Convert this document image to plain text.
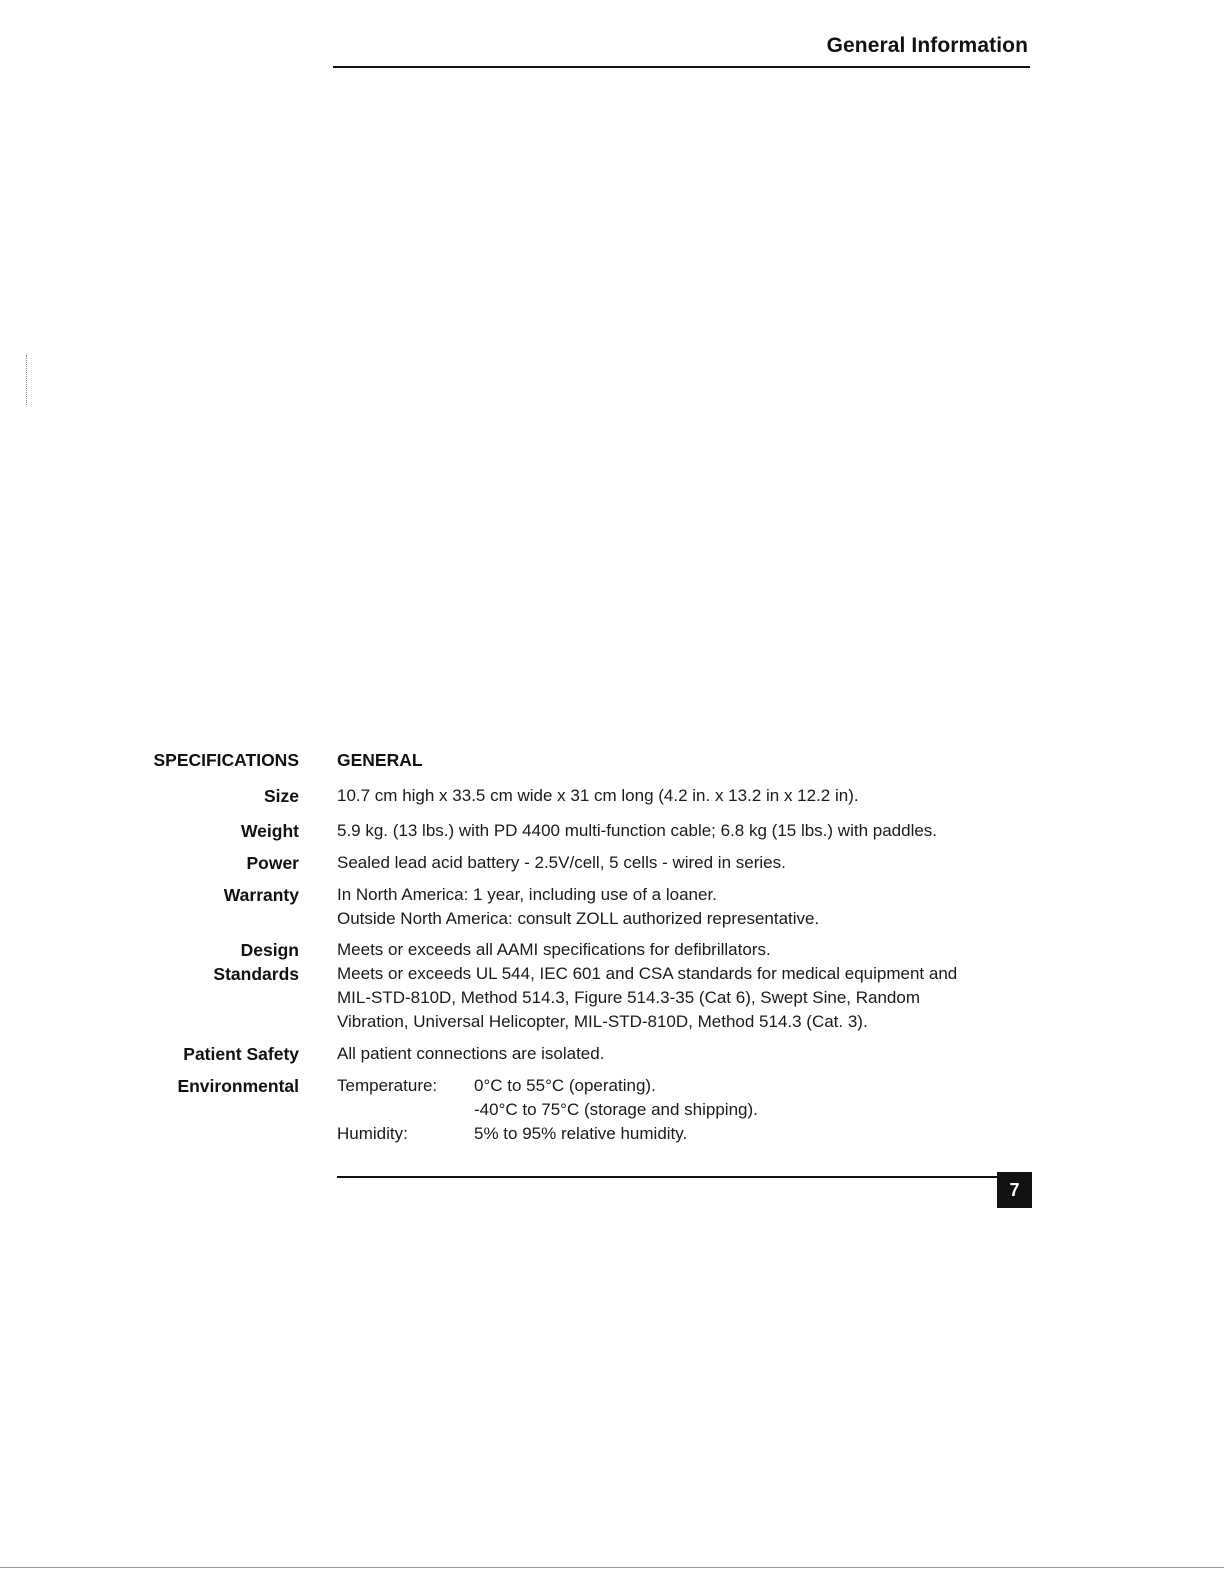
General Information
SPECIFICATIONS GENERAL
Size 10.7 cm high x 33.5 cm wide x 31 cm long (4.2 in. x 13.2 in x 12.2 in).
Weight 5.9 kg. (13 lbs.) with PD 4400 multi-function cable; 6.8 kg (15 lbs.) with paddles.
Power Sealed lead acid battery - 2.5V/cell, 5 cells - wired in series.
Warranty In North America: 1 year, including use of a loaner.
Outside North America: consult ZOLL authorized representative.
Design
Standards
Meets or exceeds all AAMI specifications for defibrillators.
Meets or exceeds UL 544, IEC 601 and CSA standards for medical equipment and
MIL-STD-810D, Method 514.3, Figure 514.3-35 (Cat 6), Swept Sine, Random
Vibration, Universal Helicopter, MIL-STD-810D, Method 514.3 (Cat. 3).
Patient Safety All patient connections are isolated.
Environmental Temperature: 0°C to 55°C (operating).
-40°C to 75°C (storage and shipping).
Humidity:	5% to 95% relative humidity.
7
